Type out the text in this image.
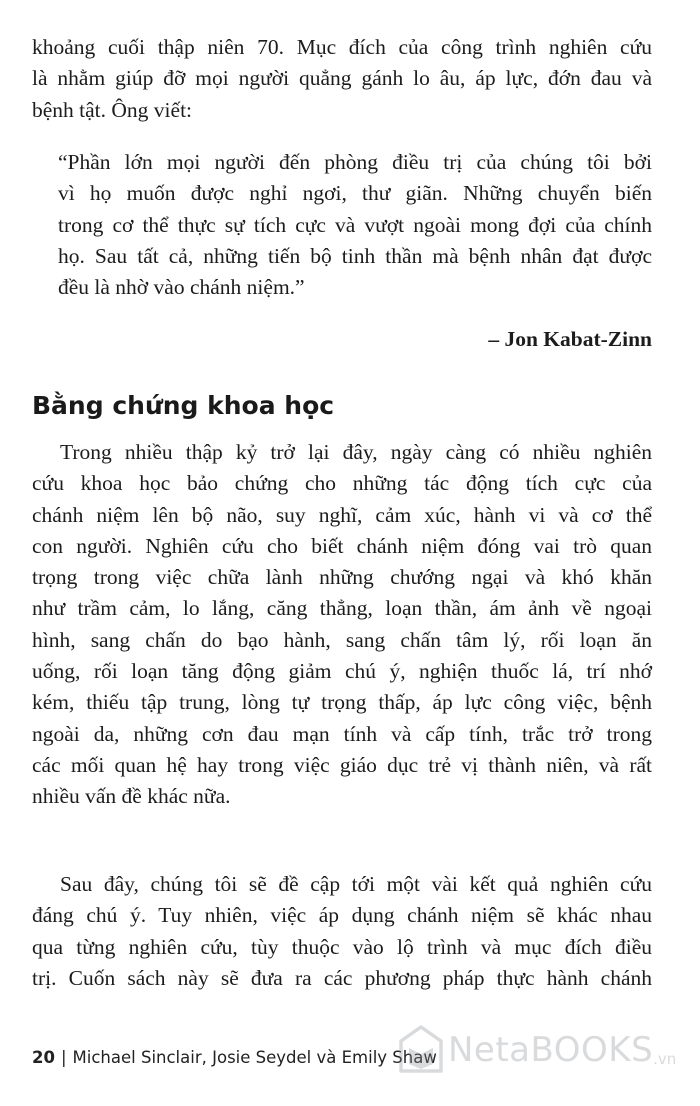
khoảng cuối thập niên 70. Mục đích của công trình nghiên cứu
là nhằm giúp đỡ mọi người quẳng gánh lo âu, áp lực, đớn đau và
bệnh tật. Ông viết:

“Phần lớn mọi người đến phòng điều trị của chúng tôi bởi
vì họ muốn được nghỉ ngơi, thư giãn. Những chuyển biến
trong cơ thể thực sự tích cực và vượt ngoài mong đợi của chính
họ. Sau tất cả, những tiến bộ tinh thần mà bệnh nhân đạt được
đều là nhờ vào chánh niệm.”

– Jon Kabat-Zinn
Bằng chứng khoa học

Trong nhiều thập kỷ trở lại đây, ngày càng có nhiều nghiên
cứu khoa học bảo chứng cho những tác động tích cực của
chánh niệm lên bộ não, suy nghĩ, cảm xúc, hành vi và cơ thể
con người. Nghiên cứu cho biết chánh niệm đóng vai trò quan
trọng trong việc chữa lành những chướng ngại và khó khăn
như trầm cảm, lo lắng, căng thẳng, loạn thần, ám ảnh về ngoại
hình, sang chấn do bạo hành, sang chấn tâm lý, rối loạn ăn
uống, rối loạn tăng động giảm chú ý, nghiện thuốc lá, trí nhớ
kém, thiếu tập trung, lòng tự trọng thấp, áp lực công việc, bệnh
ngoài da, những cơn đau mạn tính và cấp tính, trắc trở trong
các mối quan hệ hay trong việc giáo dục trẻ vị thành niên, và rất
nhiều vấn đề khác nữa.

Sau đây, chúng tôi sẽ đề cập tới một vài kết quả nghiên cứu
đáng chú ý. Tuy nhiên, việc áp dụng chánh niệm sẽ khác nhau
qua từng nghiên cứu, tùy thuộc vào lộ trình và mục đích điều
trị. Cuốn sách này sẽ đưa ra các phương pháp thực hành chánh

20 | Michael Sinclair, Josie Seydel và Emily Shaw NetaBOOKS .vn
